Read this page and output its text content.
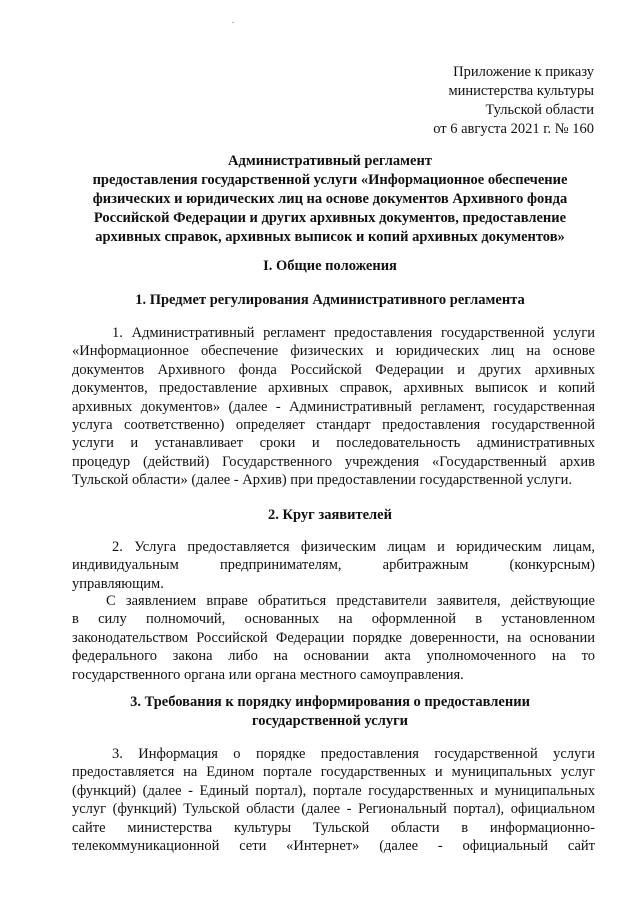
Приложение к приказу
министерства культуры
Тульской области
от 6 августа 2021 г. № 160
Административный регламент
предоставления государственной услуги «Информационное обеспечение
физических и юридических лиц на основе документов Архивного фонда
Российской Федерации и других архивных документов, предоставление
архивных справок, архивных выписок и копий архивных документов»
I. Общие положения
1. Предмет регулирования Административного регламента
1. Административный регламент предоставления государственной услуги
«Информационное обеспечение физических и юридических лиц на основе
документов Архивного фонда Российской Федерации и других архивных
документов, предоставление архивных справок, архивных выписок и копий
архивных документов» (далее - Административный регламент, государственная
услуга соответственно) определяет стандарт предоставления государственной
услуги и устанавливает сроки и последовательность административных
процедур (действий) Государственного учреждения «Государственный архив
Тульской области» (далее - Архив) при предоставлении государственной услуги.
2. Круг заявителей
2. Услуга предоставляется физическим лицам и юридическим лицам,
индивидуальным предпринимателям, арбитражным (конкурсным)
управляющим.
С заявлением вправе обратиться представители заявителя, действующие
в силу полномочий, основанных на оформленной в установленном
законодательством Российской Федерации порядке доверенности, на основании
федерального закона либо на основании акта уполномоченного на то
государственного органа или органа местного самоуправления.
3. Требования к порядку информирования о предоставлении
государственной услуги
3. Информация о порядке предоставления государственной услуги
предоставляется на Едином портале государственных и муниципальных услуг
(функций) (далее - Единый портал), портале государственных и муниципальных
услуг (функций) Тульской области (далее - Региональный портал), официальном
сайте министерства культуры Тульской области в информационно-
телекоммуникационной сети «Интернет» (далее - официальный сайт
